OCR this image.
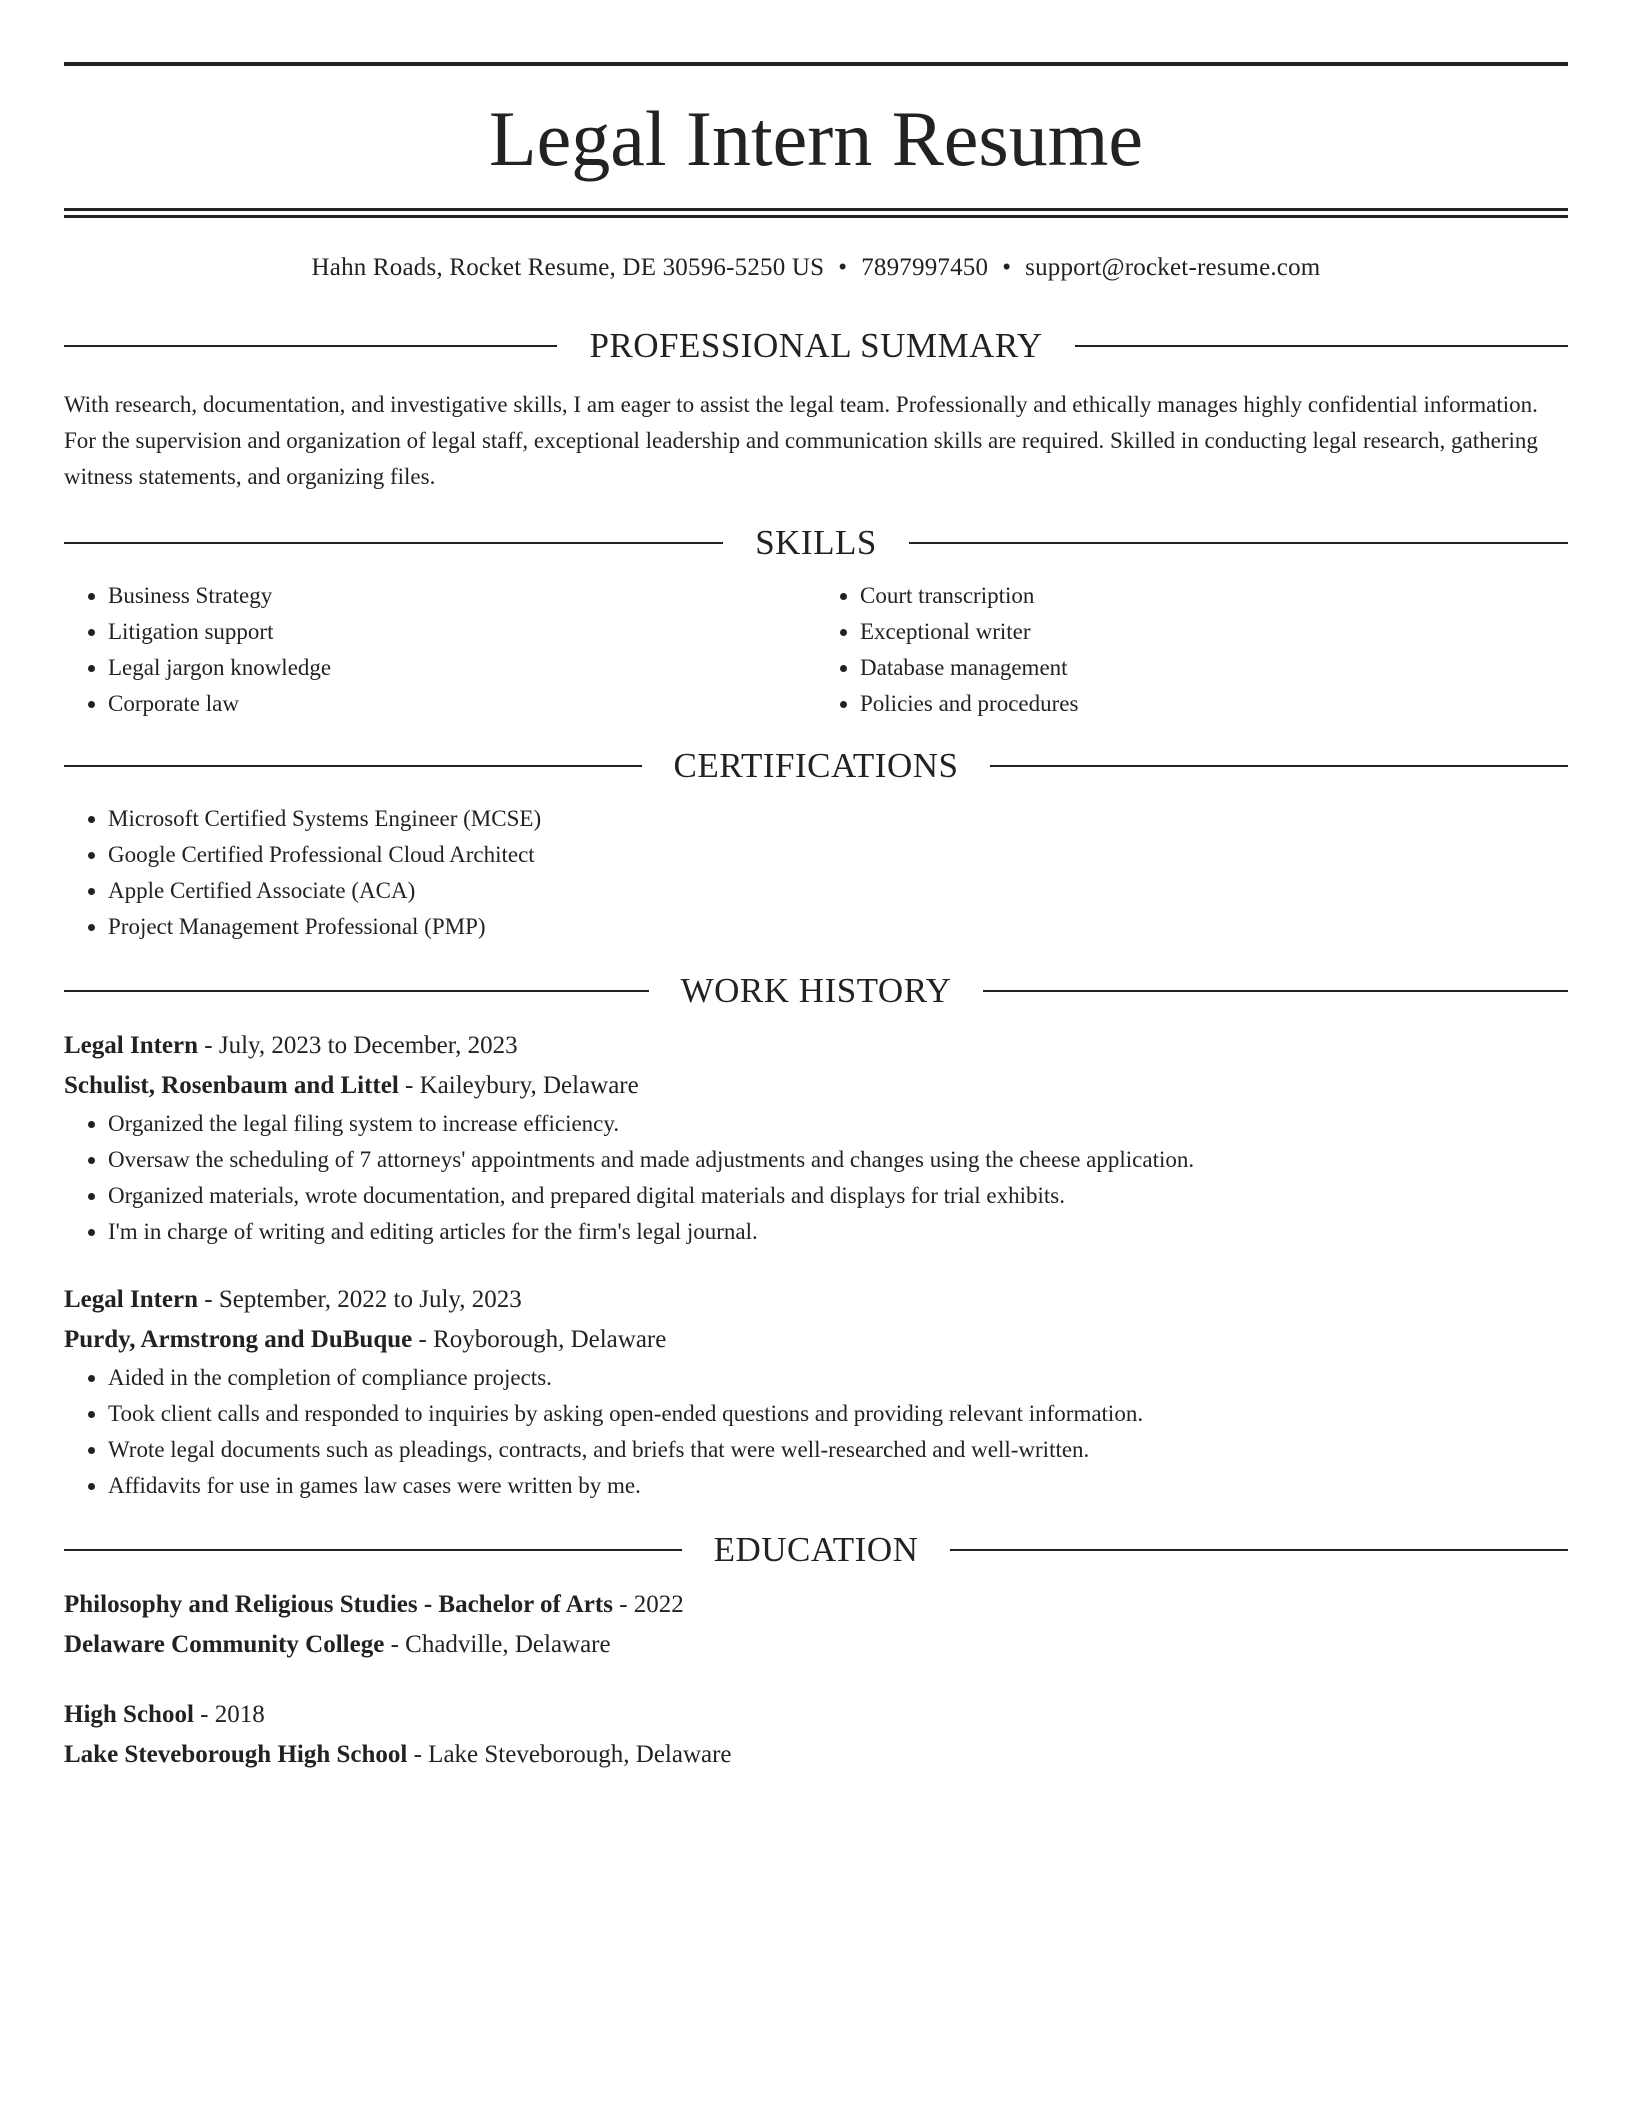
Legal Intern Resume
Hahn Roads, Rocket Resume, DE 30596-5250 US • 7897997450 • support@rocket-resume.com
PROFESSIONAL SUMMARY

With research, documentation, and investigative skills, I am eager to assist the legal team. Professionally and ethically manages highly confidential information. For the supervision and organization of legal staff, exceptional leadership and communication skills are required. Skilled in conducting legal research, gathering witness statements, and organizing files.

SKILLS
• Business Strategy
• Litigation support
• Legal jargon knowledge
• Corporate law
• Court transcription
• Exceptional writer
• Database management
• Policies and procedures
CERTIFICATIONS
• Microsoft Certified Systems Engineer (MCSE)
• Google Certified Professional Cloud Architect
• Apple Certified Associate (ACA)
• Project Management Professional (PMP)
WORK HISTORY
Legal Intern - July, 2023 to December, 2023
Schulist, Rosenbaum and Littel - Kaileybury, Delaware
• Organized the legal filing system to increase efficiency.
• Oversaw the scheduling of 7 attorneys' appointments and made adjustments and changes using the cheese application.
• Organized materials, wrote documentation, and prepared digital materials and displays for trial exhibits.
• I'm in charge of writing and editing articles for the firm's legal journal.
Legal Intern - September, 2022 to July, 2023
Purdy, Armstrong and DuBuque - Royborough, Delaware
• Aided in the completion of compliance projects.
• Took client calls and responded to inquiries by asking open-ended questions and providing relevant information.
• Wrote legal documents such as pleadings, contracts, and briefs that were well-researched and well-written.
• Affidavits for use in games law cases were written by me.
EDUCATION
Philosophy and Religious Studies - Bachelor of Arts - 2022
Delaware Community College - Chadville, Delaware
High School - 2018
Lake Steveborough High School - Lake Steveborough, Delaware
